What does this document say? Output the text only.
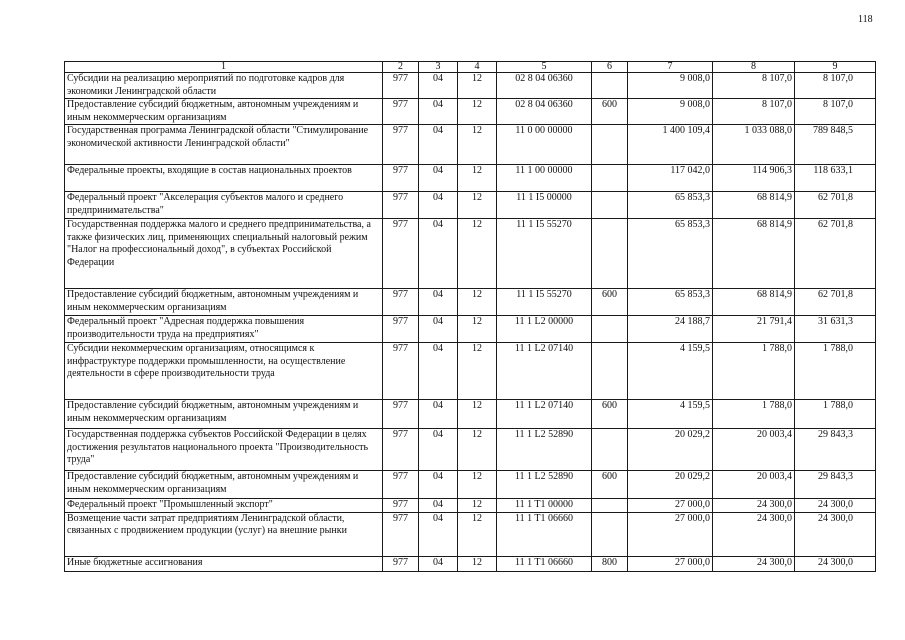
118
1	2	3	4	5	6	7	8	9
Субсидии на реализацию мероприятий по подготовке кадров для экономики Ленинградской области	977	04	12	02 8 04 06360		9 008,0	8 107,0	8 107,0
Предоставление субсидий бюджетным, автономным учреждениям и иным некоммерческим организациям	977	04	12	02 8 04 06360	600	9 008,0	8 107,0	8 107,0
Государственная программа Ленинградской области "Стимулирование экономической активности Ленинградской области"	977	04	12	11 0 00 00000		1 400 109,4	1 033 088,0	789 848,5
Федеральные проекты, входящие в состав национальных проектов	977	04	12	11 1 00 00000		117 042,0	114 906,3	118 633,1
Федеральный проект "Акселерация субъектов малого и среднего предпринимательства"	977	04	12	11 1 I5 00000		65 853,3	68 814,9	62 701,8
Государственная поддержка малого и среднего предпринимательства, а также физических лиц, применяющих специальный налоговый режим "Налог на профессиональный доход", в субъектах Российской Федерации	977	04	12	11 1 I5 55270		65 853,3	68 814,9	62 701,8
Предоставление субсидий бюджетным, автономным учреждениям и иным некоммерческим организациям	977	04	12	11 1 I5 55270	600	65 853,3	68 814,9	62 701,8
Федеральный проект "Адресная поддержка повышения производительности труда на предприятиях"	977	04	12	11 1 L2 00000		24 188,7	21 791,4	31 631,3
Субсидии некоммерческим организациям, относящимся к инфраструктуре поддержки промышленности, на осуществление деятельности в сфере производительности труда	977	04	12	11 1 L2 07140		4 159,5	1 788,0	1 788,0
Предоставление субсидий бюджетным, автономным учреждениям и иным некоммерческим организациям	977	04	12	11 1 L2 07140	600	4 159,5	1 788,0	1 788,0
Государственная поддержка субъектов Российской Федерации в целях достижения результатов национального проекта "Производительность труда"	977	04	12	11 1 L2 52890		20 029,2	20 003,4	29 843,3
Предоставление субсидий бюджетным, автономным учреждениям и иным некоммерческим организациям	977	04	12	11 1 L2 52890	600	20 029,2	20 003,4	29 843,3
Федеральный проект "Промышленный экспорт"	977	04	12	11 1 T1 00000		27 000,0	24 300,0	24 300,0
Возмещение части затрат предприятиям Ленинградской области, связанных с продвижением продукции (услуг) на внешние рынки	977	04	12	11 1 T1 06660		27 000,0	24 300,0	24 300,0
Иные бюджетные ассигнования	977	04	12	11 1 T1 06660	800	27 000,0	24 300,0	24 300,0
